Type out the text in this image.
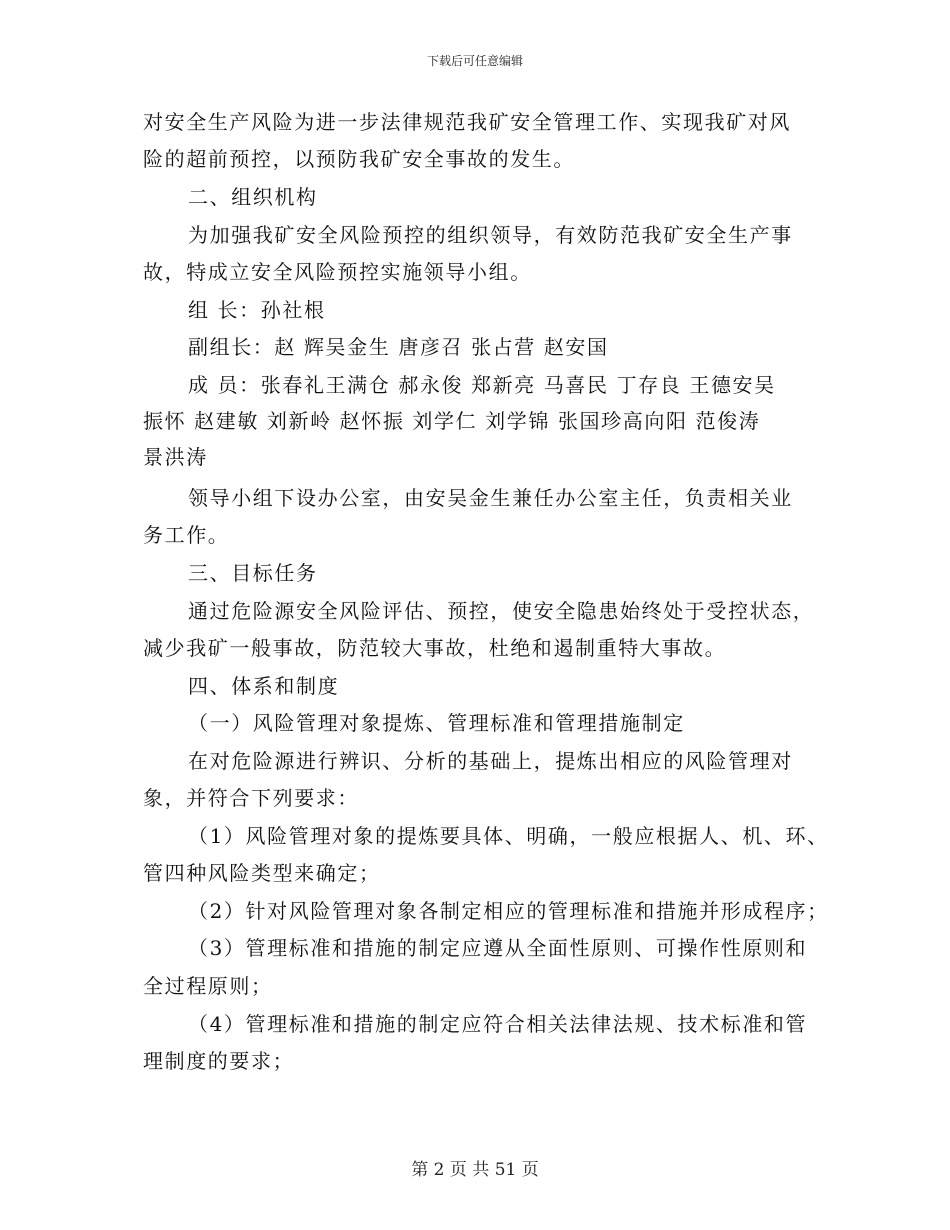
下载后可任意编辑
对安全生产风险为进一步法律规范我矿安全管理工作、实现我矿对风
险的超前预控，以预防我矿安全事故的发生。
二、组织机构
为加强我矿安全风险预控的组织领导，有效防范我矿安全生产事
故，特成立安全风险预控实施领导小组。
组 长：孙社根
副组长：赵 辉吴金生 唐彦召 张占营 赵安国
成 员：张春礼王满仓 郝永俊 郑新亮 马喜民 丁存良 王德安吴
振怀 赵建敏 刘新岭 赵怀振 刘学仁 刘学锦 张国珍高向阳 范俊涛
景洪涛
领导小组下设办公室，由安吴金生兼任办公室主任，负责相关业
务工作。
三、目标任务
通过危险源安全风险评估、预控，使安全隐患始终处于受控状态，
减少我矿一般事故，防范较大事故，杜绝和遏制重特大事故。
四、体系和制度
（一）风险管理对象提炼、管理标准和管理措施制定
在对危险源进行辨识、分析的基础上，提炼出相应的风险管理对
象，并符合下列要求：
（1）风险管理对象的提炼要具体、明确，一般应根据人、机、环、
管四种风险类型来确定；
（2）针对风险管理对象各制定相应的管理标准和措施并形成程序；
（3）管理标准和措施的制定应遵从全面性原则、可操作性原则和
全过程原则；
（4）管理标准和措施的制定应符合相关法律法规、技术标准和管
理制度的要求；
第 2 页 共 51 页
